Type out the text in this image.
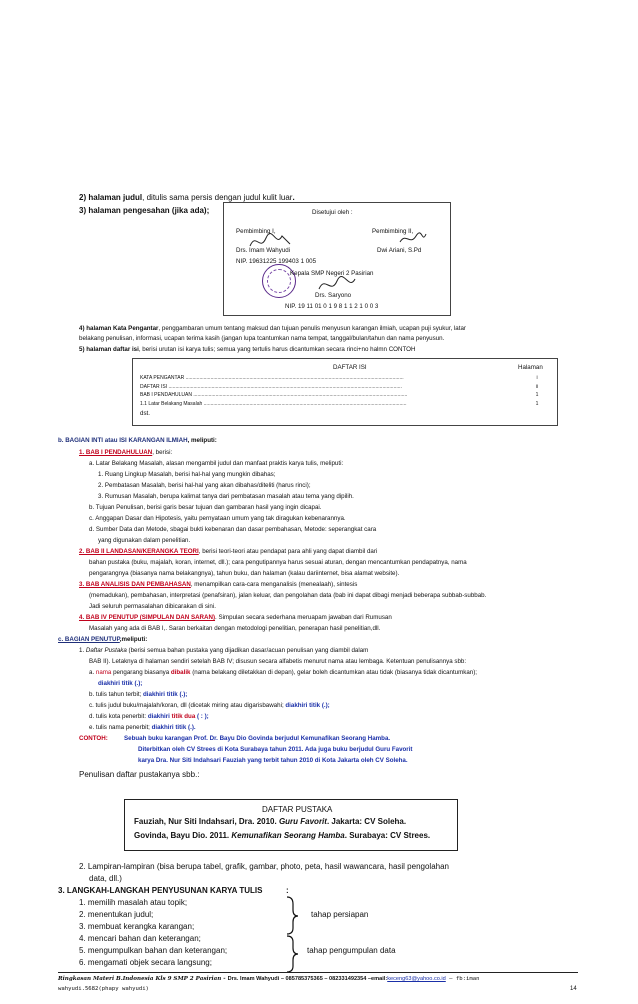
2) halaman judul, ditulis sama persis dengan judul kulit luar.
3) halaman pengesahan (jika ada);	Disetujui oleh :
Pembimbing I,	Pembimbing II,
Drs. Imam Wahyudi	Dwi Ariani, S.Pd
NIP. 19631225 199403 1 005
Kepala SMP Negeri 2 Pasirian
Drs. Saryono
NIP. 19 11 01 0 1 9 8 1 1 2 1 0 0 3
4) halaman Kata Pengantar, penggambaran umum tentang maksud dan tujuan penulis menyusun karangan ilmiah, ucapan puji syukur, latar
belakang penulisan, informasi, ucapan terima kasih (jangan lupa tcantumkan nama tempat, tanggal/bulan/tahun dan nama penyusun.
5) halaman daftar isi, berisi urutan isi karya tulis; semua yang tertulis harus dicantumkan secara rinci+no halmn CONTOH
DAFTAR ISI	Halaman
KATA PENGANTAR .............................................................................................................................................................	i
DAFTAR ISI ........................................................................................................................................................................	ii
BAB I PENDAHULUAN ..........................................................................................................................................................	1
1.1 Latar Belakang Masalah ..................................................................................................................................................	1
dst.
b. BAGIAN INTI atau ISI KARANGAN ILMIAH, meliputi:
1. BAB I PENDAHULUAN, berisi:
a. Latar Belakang Masalah, alasan mengambil judul dan manfaat praktis karya tulis, meliputi:
1. Ruang Lingkup Masalah, berisi hal-hal yang mungkin dibahas;
2. Pembatasan Masalah, berisi hal-hal yang akan dibahas/diteliti (harus rinci);
3. Rumusan Masalah, berupa kalimat tanya dari pembatasan masalah atau tema yang dipilih.
b. Tujuan Penulisan, berisi garis besar tujuan dan gambaran hasil yang ingin dicapai.
c. Anggapan Dasar dan Hipotesis, yaitu pernyataan umum yang tak diragukan kebenarannya.
d. Sumber Data dan Metode, sbagai bukti kebenaran dan dasar pembahasan, Metode: seperangkat cara
yang digunakan dalam penelitian.
2. BAB II LANDASAN/KERANGKA TEORI, berisi teori-teori atau pendapat para ahli yang dapat diambil dari
bahan pustaka (buku, majalah, koran, internet, dll.); cara pengutipannya harus sesuai aturan, dengan mencantumkan pendapatnya, nama
pengarangnya (biasanya nama belakangnya), tahun buku, dan halaman (kalau dariinternet, bisa alamat website).
3. BAB ANALISIS DAN PEMBAHASAN, menampilkan cara-cara menganalisis (menealaah), sintesis
(memadukan), pembahasan, interpretasi (penafsiran), jalan keluar, dan pengolahan data (bab ini dapat dibagi menjadi beberapa subbab-subbab.
Jadi seluruh permasalahan dibicarakan di sini.
4. BAB IV PENUTUP (SIMPULAN DAN SARAN). Simpulan secara sederhana meruapam jawaban dari Rumusan
Masalah yang ada di BAB I,. Saran berkaitan dengan metodologi penelitian, penerapan hasil penelitian,dll.
c. BAGIAN PENUTUP,meliputi:
1. Daftar Pustaka (berisi semua bahan pustaka yang dijadikan dasar/acuan penulisan yang diambil dalam
BAB II). Letaknya di halaman sendiri setelah BAB IV; disusun secara alfabetis menurut nama atau lembaga. Ketentuan penulisannya sbb:
a. nama pengarang biasanya dibalik (nama belakang diletakkan di depan), gelar boleh dicantumkan atau tidak (biasanya tidak dicantumkan);
diakhiri titik (.);
b. tulis tahun terbit; diakhiri titik (.);
c. tulis judul buku/majalah/koran, dll (dicetak miring atau digarisbawahi; diakhiri titik (.);
d. tulis kota penerbit: diakhiri titik dua ( : );
e. tulis nama penerbit; diakhiri titik (.).
CONTOH:	Sebuah buku karangan Prof. Dr. Bayu Dio Govinda berjudul Kemunafikan Seorang Hamba.
Diterbitkan oleh CV Strees di Kota Surabaya tahun 2011. Ada juga buku berjudul Guru Favorit
karya Dra. Nur Siti Indahsari Fauziah yang terbit tahun 2010 di Kota Jakarta oleh CV Soleha.
Penulisan daftar pustakanya sbb.:
DAFTAR PUSTAKA
Fauziah, Nur Siti Indahsari, Dra. 2010. Guru Favorit. Jakarta: CV Soleha.
Govinda, Bayu Dio. 2011. Kemunafikan Seorang Hamba. Surabaya: CV Strees.
2. Lampiran-lampiran (bisa berupa tabel, grafik, gambar, photo, peta, hasil wawancara, hasil pengolahan
data, dll.)
3. LANGKAH-LANGKAH PENYUSUNAN KARYA TULIS	:
1. memilih masalah atau topik;
2. menentukan judul;
3. membuat kerangka karangan;
4. mencari bahan dan keterangan;
5. mengumpulkan bahan dan keterangan;
6. mengamati objek secara langsung;
tahap persiapan
tahap pengumpulan data
Ringkasan Materi B.Indonesia Kls 9 SMP 2 Pasirian - Drs. Imam Wahyudi – 085785375365 – 082331492354 –email:keceng63@yahoo.co.id – fb:iman
wahyudi.5682(phapy wahyudi)	14
